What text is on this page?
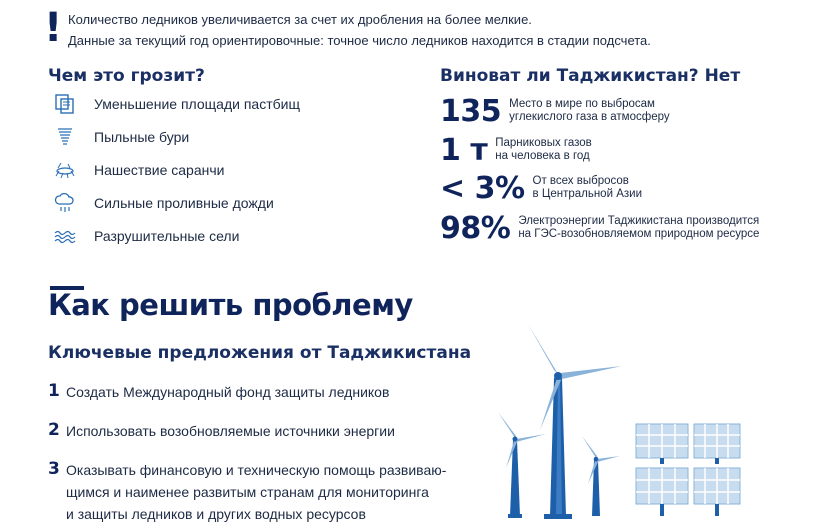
! Количество ледников увеличивается за счет их дробления на более мелкие.
Данные за текущий год ориентировочные: точное число ледников находится в стадии подсчета.
Чем это грозит?
Уменьшение площади пастбищ
Пыльные бури
Нашествие саранчи
Сильные проливные дожди
Разрушительные сели
Виноват ли Таджикистан? Нет
135 Место в мире по выбросам
углекислого газа в атмосферу
1 т Парниковых газов
на человека в год
< 3% От всех выбросов
в Центральной Азии
98% Электроэнергии Таджикистана производится
на ГЭС-возобновляемом природном ресурсе
Как решить проблему
Ключевые предложения от Таджикистана
1 Создать Международный фонд защиты ледников
2 Использовать возобновляемые источники энергии
3 Оказывать финансовую и техническую помощь развиваю-
щимся и наименее развитым странам для мониторинга
и защиты ледников и других водных ресурсов
